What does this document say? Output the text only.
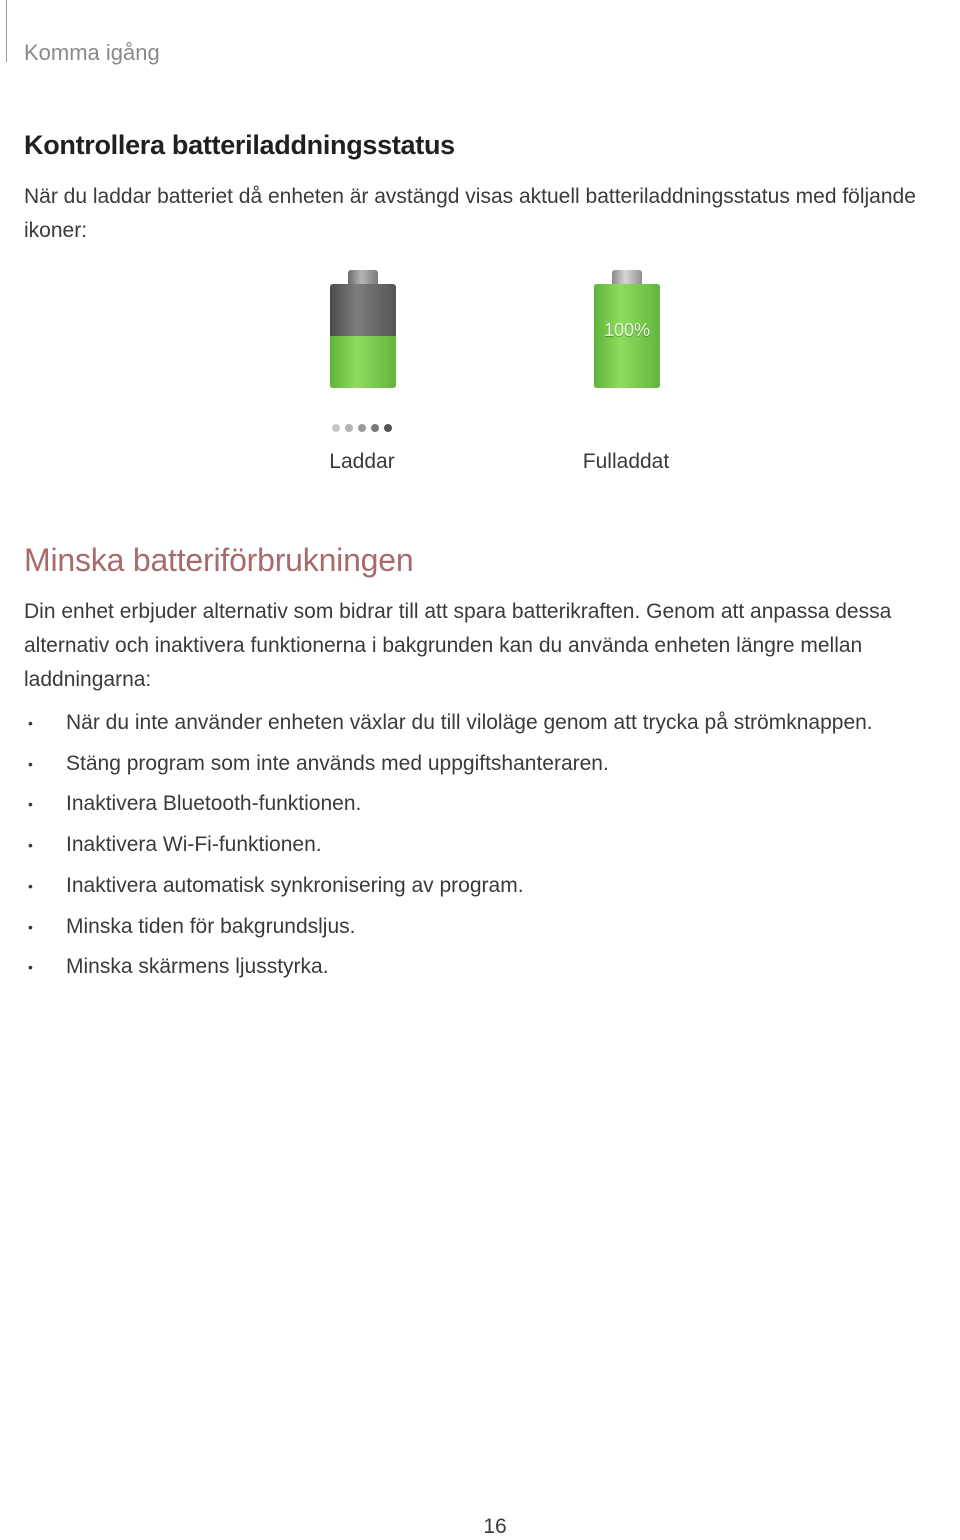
Komma igång
Kontrollera batteriladdningsstatus
När du laddar batteriet då enheten är avstängd visas aktuell batteriladdningsstatus med följande ikoner:
Laddar
100%
Fulladdat
Minska batteriförbrukningen
Din enhet erbjuder alternativ som bidrar till att spara batterikraften. Genom att anpassa dessa alternativ och inaktivera funktionerna i bakgrunden kan du använda enheten längre mellan laddningarna:
• När du inte använder enheten växlar du till viloläge genom att trycka på strömknappen.
• Stäng program som inte används med uppgiftshanteraren.
• Inaktivera Bluetooth-funktionen.
• Inaktivera Wi-Fi-funktionen.
• Inaktivera automatisk synkronisering av program.
• Minska tiden för bakgrundsljus.
• Minska skärmens ljusstyrka.
16
